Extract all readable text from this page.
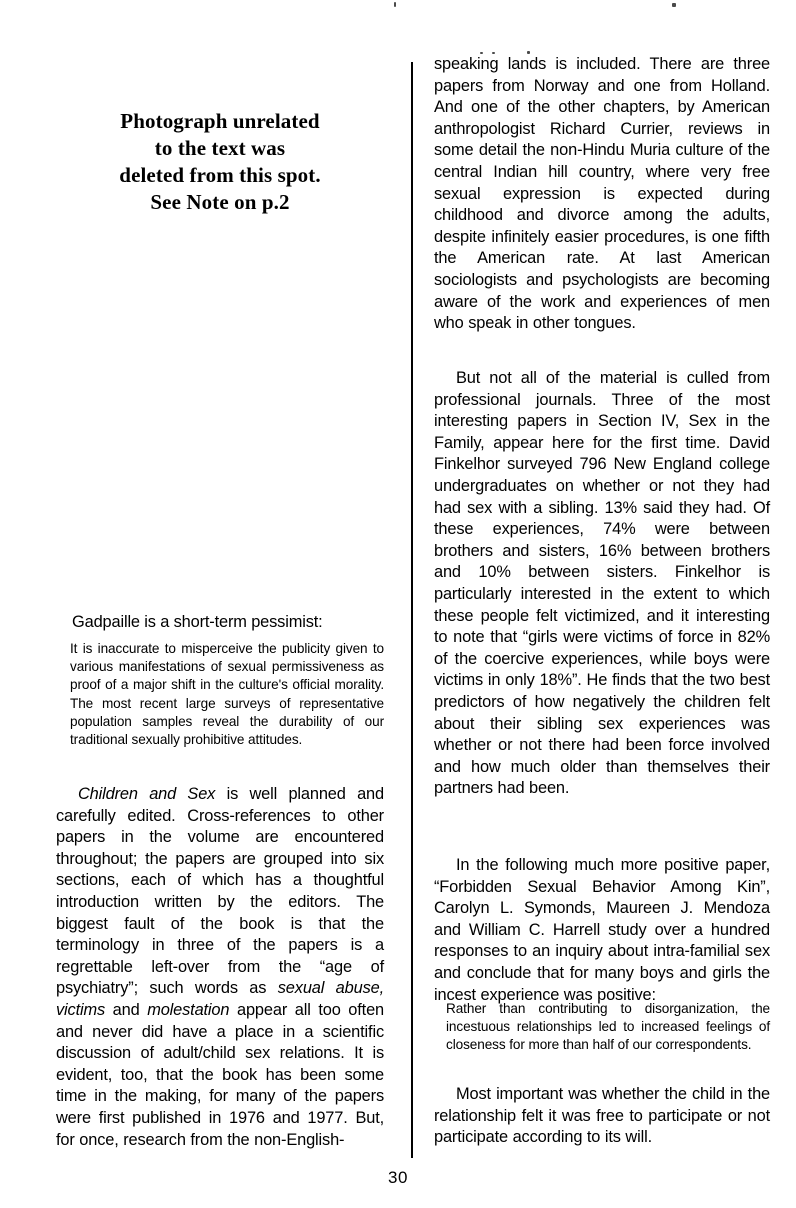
Photograph unrelated
to the text was
deleted from this spot.
See Note on p.2

Gadpaille is a short-term pessimist:

It is inaccurate to misperceive the publicity given to various manifestations of sexual permissiveness as proof of a major shift in the culture's official morality. The most recent large surveys of representative population samples reveal the durability of our traditional sexually prohibitive attitudes.

Children and Sex is well planned and carefully edited. Cross-references to other papers in the volume are encountered throughout; the papers are grouped into six sections, each of which has a thoughtful introduction written by the editors. The biggest fault of the book is that the terminology in three of the papers is a regrettable left-over from the “age of psychiatry”; such words as sexual abuse, victims and molestation appear all too often and never did have a place in a scientific discussion of adult/child sex relations. It is evident, too, that the book has been some time in the making, for many of the papers were first published in 1976 and 1977. But, for once, research from the non-English-

speaking lands is included. There are three papers from Norway and one from Holland. And one of the other chapters, by American anthropologist Richard Currier, reviews in some detail the non-Hindu Muria culture of the central Indian hill country, where very free sexual expression is expected during childhood and divorce among the adults, despite infinitely easier procedures, is one fifth the American rate. At last American sociologists and psychologists are becoming aware of the work and experiences of men who speak in other tongues.

But not all of the material is culled from professional journals. Three of the most interesting papers in Section IV, Sex in the Family, appear here for the first time. David Finkelhor surveyed 796 New England college undergraduates on whether or not they had had sex with a sibling. 13% said they had. Of these experiences, 74% were between brothers and sisters, 16% between brothers and 10% between sisters. Finkelhor is particularly interested in the extent to which these people felt victimized, and it interesting to note that “girls were victims of force in 82% of the coercive experiences, while boys were victims in only 18%”. He finds that the two best predictors of how negatively the children felt about their sibling sex experiences was whether or not there had been force involved and how much older than themselves their partners had been.

In the following much more positive paper, “Forbidden Sexual Behavior Among Kin”, Carolyn L. Symonds, Maureen J. Mendoza and William C. Harrell study over a hundred responses to an inquiry about intra-familial sex and conclude that for many boys and girls the incest experience was positive:

Rather than contributing to disorganization, the incestuous relationships led to increased feelings of closeness for more than half of our correspondents.

Most important was whether the child in the relationship felt it was free to participate or not participate according to its will.

30
